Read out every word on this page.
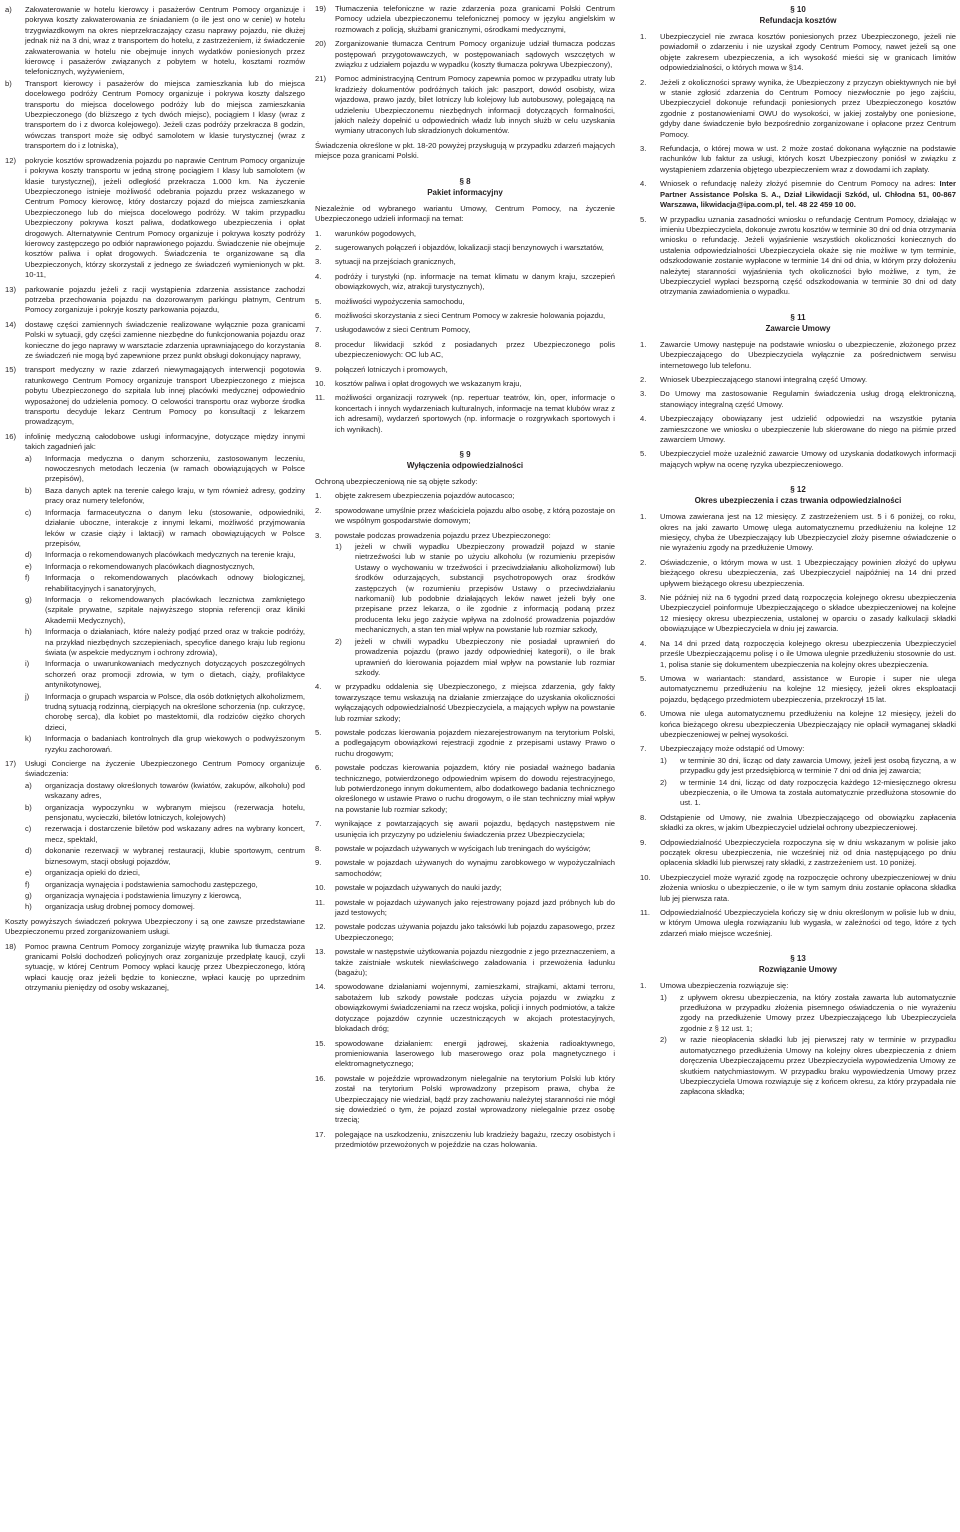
a) Zakwaterowanie w hotelu kierowcy i pasażerów Centrum Pomocy organizuje i pokrywa koszty zakwaterowania ze śniadaniem (o ile jest ono w cenie) w hotelu trzygwiazdkowym na okres nieprzekraczający czasu naprawy pojazdu, nie dłużej jednak niż na 3 dni, wraz z transportem do hotelu, z zastrzeżeniem, iż świadczenie zakwaterowania w hotelu nie obejmuje innych wydatków poniesionych przez kierowcę i pasażerów związanych z pobytem w hotelu, kosztami rozmów telefonicznych, wyżywieniem,
b) Transport kierowcy i pasażerów do miejsca zamieszkania lub do miejsca docelowego podróży Centrum Pomocy organizuje i pokrywa koszty dalszego transportu do miejsca docelowego podróży lub do miejsca zamieszkania Ubezpieczonego (do bliższego z tych dwóch miejsc), pociągiem I klasy (wraz z transportem do i z dworca kolejowego). Jeżeli czas podróży przekracza 8 godzin, wówczas transport może się odbyć samolotem w klasie turystycznej (wraz z transportem do i z lotniska),
12) pokrycie kosztów sprowadzenia pojazdu po naprawie Centrum Pomocy organizuje i pokrywa koszty transportu w jedną stronę pociągiem I klasy lub samolotem (w klasie turystycznej), jeżeli odległość przekracza 1.000 km. Na życzenie Ubezpieczonego istnieje możliwość odebrania pojazdu przez wskazanego w Centrum Pomocy kierowcę, który dostarczy pojazd do miejsca zamieszkania Ubezpieczonego lub do miejsca docelowego podróży. W takim przypadku Ubezpieczony pokrywa koszt paliwa, dodatkowego ubezpieczenia i opłat drogowych. Alternatywnie Centrum Pomocy organizuje i pokrywa koszty podróży kierowcy zastępczego po odbiór naprawionego pojazdu. Świadczenie nie obejmuje kosztów paliwa i opłat drogowych. Świadczenia te organizowane są dla Ubezpieczonych, którzy skorzystali z jednego ze świadczeń wymienionych w pkt. 10-11,
13) parkowanie pojazdu jeżeli z racji wystąpienia zdarzenia assistance zachodzi potrzeba przechowania pojazdu na dozorowanym parkingu płatnym, Centrum Pomocy zorganizuje i pokryje koszty parkowania pojazdu,
14) dostawę części zamiennych świadczenie realizowane wyłącznie poza granicami Polski w sytuacji, gdy części zamienne niezbędne do funkcjonowania pojazdu oraz konieczne do jego naprawy w warsztacie zdarzenia uprawniającego do korzystania ze świadczeń nie mogą być zapewnione przez punkt obsługi dokonujący naprawy,
15) transport medyczny w razie zdarzeń niewymagających interwencji pogotowia ratunkowego Centrum Pomocy organizuje transport Ubezpieczonego z miejsca pobytu Ubezpieczonego do szpitala lub innej placówki medycznej odpowiednio wyposażonej do udzielenia pomocy. O celowości transportu oraz wyborze środka transportu decyduje lekarz Centrum Pomocy po konsultacji z lekarzem prowadzącym,
16) infolinię medyczną całodobowe usługi informacyjne, dotyczące między innymi takich zagadnień jak:
a) Informacja medyczna o danym schorzeniu, zastosowanym leczeniu, nowoczesnych metodach leczenia (w ramach obowiązujących w Polsce przepisów),
b) Baza danych aptek na terenie całego kraju, w tym również adresy, godziny pracy oraz numery telefonów,
c) Informacja farmaceutyczna o danym leku (stosowanie, odpowiedniki, działanie uboczne, interakcje z innymi lekami, możliwość przyjmowania leków w czasie ciąży i laktacji) w ramach obowiązujących w Polsce przepisów,
d) Informacja o rekomendowanych placówkach medycznych na terenie kraju,
e) Informacja o rekomendowanych placówkach diagnostycznych,
f) Informacja o rekomendowanych placówkach odnowy biologicznej, rehabilitacyjnych i sanatoryjnych,
g) Informacja o rekomendowanych placówkach lecznictwa zamkniętego (szpitale prywatne, szpitale najwyższego stopnia referencji oraz kliniki Akademii Medycznych),
h) Informacja o działaniach, które należy podjąć przed oraz w trakcie podróży, na przykład niezbędnych szczepieniach, specyfice danego kraju lub regionu świata (w aspekcie medycznym i ochrony zdrowia),
i) Informacja o uwarunkowaniach medycznych dotyczących poszczególnych schorzeń oraz promocji zdrowia, w tym o dietach, ciąży, profilaktyce antynikotynowej,
j) Informacja o grupach wsparcia w Polsce, dla osób dotkniętych alkoholizmem, trudną sytuacją rodzinną, cierpiących na określone schorzenia (np. cukrzycę, chorobę serca), dla kobiet po mastektomii, dla rodziców ciężko chorych dzieci,
k) Informacja o badaniach kontrolnych dla grup wiekowych o podwyższonym ryzyku zachorowań.
17) Usługi Concierge na życzenie Ubezpieczonego Centrum Pomocy organizuje świadczenia:
a) organizacja dostawy określonych towarów (kwiatów, zakupów, alkoholu) pod wskazany adres,
b) organizacja wypoczynku w wybranym miejscu (rezerwacja hotelu, pensjonatu, wycieczki, biletów lotniczych, kolejowych)
c) rezerwacja i dostarczenie biletów pod wskazany adres na wybrany koncert, mecz, spektakl,
d) dokonanie rezerwacji w wybranej restauracji, klubie sportowym, centrum biznesowym, stacji obsługi pojazdów,
e) organizacja opieki do dzieci,
f) organizacja wynajęcia i podstawienia samochodu zastępczego,
g) organizacja wynajęcia i podstawienia limuzyny z kierowcą,
h) organizacja usług drobnej pomocy domowej.
Koszty powyższych świadczeń pokrywa Ubezpieczony i są one zawsze przedstawiane Ubezpieczonemu przed zorganizowaniem usługi.
18) Pomoc prawna Centrum Pomocy zorganizuje wizytę prawnika lub tłumacza poza granicami Polski dochodzeń policyjnych oraz zorganizuje przedpłatę kaucji, czyli sytuację, w której Centrum Pomocy wpłaci kaucję przez Ubezpieczonego, którą wpłaci kaucję oraz jeżeli będzie to konieczne, wpłaci kaucję po uprzednim otrzymaniu pieniędzy od osoby wskazanej,
19) Tłumaczenia telefoniczne w razie zdarzenia poza granicami Polski Centrum Pomocy udziela ubezpieczonemu telefonicznej pomocy w języku angielskim w rozmowach z policją, służbami granicznymi, ośrodkami medycznymi,
20) Zorganizowanie tłumacza Centrum Pomocy organizuje udział tłumacza podczas postępowań przygotowawczych, w postępowaniach sądowych wszczętych w związku z udziałem pojazdu w wypadku (koszty tłumacza pokrywa Ubezpieczony),
21) Pomoc administracyjną Centrum Pomocy zapewnia pomoc w przypadku utraty lub kradzieży dokumentów podróżnych takich jak: paszport, dowód osobisty, wiza wjazdowa, prawo jazdy, bilet lotniczy lub kolejowy lub autobusowy, polegającą na udzieleniu Ubezpieczonemu niezbędnych informacji dotyczących formalności, jakich należy dopełnić u odpowiednich władz lub innych służb w celu uzyskania wymiany utraconych lub skradzionych dokumentów.
Świadczenia określone w pkt. 18-20 powyżej przysługują w przypadku zdarzeń mających miejsce poza granicami Polski.
§ 8
Pakiet informacyjny
Niezależnie od wybranego wariantu Umowy, Centrum Pomocy, na życzenie Ubezpieczonego udzieli informacji na temat:
1. warunków pogodowych,
2. sugerowanych połączeń i objazdów, lokalizacji stacji benzynowych i warsztatów,
3. sytuacji na przejściach granicznych,
4. podróży i turystyki (np. informacje na temat klimatu w danym kraju, szczepień obowiązkowych, wiz, atrakcji turystycznych),
5. możliwości wypożyczenia samochodu,
6. możliwości skorzystania z sieci Centrum Pomocy w zakresie holowania pojazdu,
7. usługodawców z sieci Centrum Pomocy,
8. procedur likwidacji szkód z posiadanych przez Ubezpieczonego polis ubezpieczeniowych: OC lub AC,
9. połączeń lotniczych i promowych,
10. kosztów paliwa i opłat drogowych we wskazanym kraju,
11. możliwości organizacji rozrywek (np. repertuar teatrów, kin, oper, informacje o koncertach i innych wydarzeniach kulturalnych, informacje na temat klubów wraz z ich adresami), wydarzeń sportowych (np. informacje o rozgrywkach sportowych i ich wynikach).
§ 9
Wyłączenia odpowiedzialności
Ochroną ubezpieczeniową nie są objęte szkody:
1. objęte zakresem ubezpieczenia pojazdów autocasco;
2. spowodowane umyślnie przez właściciela pojazdu albo osobę, z którą pozostaje on we wspólnym gospodarstwie domowym;
3. powstałe podczas prowadzenia pojazdu przez Ubezpieczonego:
1) jeżeli w chwili wypadku Ubezpieczony prowadził pojazd w stanie nietrzeźwości lub w stanie po użyciu alkoholu (w rozumieniu przepisów Ustawy o wychowaniu w trzeźwości i przeciwdziałaniu alkoholizmowi) lub środków odurzających, substancji psychotropowych oraz środków zastępczych (w rozumieniu przepisów Ustawy o przeciwdziałaniu narkomanii) lub podobnie działających leków nawet jeżeli były one przepisane przez lekarza, o ile zgodnie z informacją podaną przez producenta leku jego zażycie wpływa na zdolność prowadzenia pojazdów mechanicznych, a stan ten miał wpływ na powstanie lub rozmiar szkody,
2) jeżeli w chwili wypadku Ubezpieczony nie posiadał uprawnień do prowadzenia pojazdu (prawo jazdy odpowiedniej kategorii), o ile brak uprawnień do kierowania pojazdem miał wpływ na powstanie lub rozmiar szkody.
4. w przypadku oddalenia się Ubezpieczonego, z miejsca zdarzenia, gdy fakty towarzyszące temu wskazują na działanie zmierzające do uzyskania okoliczności wyłączających odpowiedzialność Ubezpieczyciela, a mających wpływ na powstanie lub rozmiar szkody;
5. powstałe podczas kierowania pojazdem niezarejestrowanym na terytorium Polski, a podlegającym obowiązkowi rejestracji zgodnie z przepisami ustawy Prawo o ruchu drogowym;
6. powstałe podczas kierowania pojazdem, który nie posiadał ważnego badania technicznego, potwierdzonego odpowiednim wpisem do dowodu rejestracyjnego, lub potwierdzonego innym dokumentem, albo dodatkowego badania technicznego określonego w ustawie Prawo o ruchu drogowym, o ile stan techniczny miał wpływ na powstanie lub rozmiar szkody;
7. wynikające z powtarzających się awarii pojazdu, będących następstwem nie usunięcia ich przyczyny po udzieleniu świadczenia przez Ubezpieczyciela;
8. powstałe w pojazdach używanych w wyścigach lub treningach do wyścigów;
9. powstałe w pojazdach używanych do wynajmu zarobkowego w wypożyczalniach samochodów;
10. powstałe w pojazdach używanych do nauki jazdy;
11. powstałe w pojazdach używanych jako rejestrowany pojazd jazd próbnych lub do jazd testowych;
12. powstałe podczas używania pojazdu jako taksówki lub pojazdu zapasowego, przez Ubezpieczonego;
13. powstałe w następstwie użytkowania pojazdu niezgodnie z jego przeznaczeniem, a także zaistniałe wskutek niewłaściwego załadowania i przewożenia ładunku (bagażu);
14. spowodowane działaniami wojennymi, zamieszkami, strajkami, aktami terroru, sabotażem lub szkody powstałe podczas użycia pojazdu w związku z obowiązkowymi świadczeniami na rzecz wojska, policji i innych podmiotów, a także dotyczące pojazdów czynnie uczestniczących w akcjach protestacyjnych, blokadach dróg;
15. spowodowane działaniem: energii jądrowej, skażenia radioaktywnego, promieniowania laserowego lub maserowego oraz pola magnetycznego i elektromagnetycznego;
16. powstałe w pojeździe wprowadzonym nielegalnie na terytorium Polski lub który został na terytorium Polski wprowadzony przepisom prawa, chyba że Ubezpieczający nie wiedział, bądź przy zachowaniu należytej staranności nie mógł się dowiedzieć o tym, że pojazd został wprowadzony nielegalnie przez osobę trzecią;
17. polegające na uszkodzeniu, zniszczeniu lub kradzieży bagażu, rzeczy osobistych i przedmiotów przewożonych w pojeździe na czas holowania.
§ 10
Refundacja kosztów
1. Ubezpieczyciel nie zwraca kosztów poniesionych przez Ubezpieczonego, jeżeli nie powiadomił o zdarzeniu i nie uzyskał zgody Centrum Pomocy, nawet jeżeli są one objęte zakresem ubezpieczenia, a ich wysokość mieści się w granicach limitów odpowiedzialności, o których mowa w §14.
2. Jeżeli z okoliczności sprawy wynika, że Ubezpieczony z przyczyn obiektywnych nie był w stanie zgłosić zdarzenia do Centrum Pomocy niezwłocznie po jego zajściu, Ubezpieczyciel dokonuje refundacji poniesionych przez Ubezpieczonego kosztów zgodnie z postanowieniami OWU do wysokości, w jakiej zostałyby one poniesione, gdyby dane świadczenie było bezpośrednio zorganizowane i opłacone przez Centrum Pomocy.
3. Refundacja, o której mowa w ust. 2 może zostać dokonana wyłącznie na podstawie rachunków lub faktur za usługi, których koszt Ubezpieczony poniósł w związku z wystąpieniem zdarzenia objętego ubezpieczeniem wraz z dowodami ich zapłaty.
4. Wniosek o refundację należy złożyć pisemnie do Centrum Pomocy na adres: Inter Partner Assistance Polska S. A., Dział Likwidacji Szkód, ul. Chłodna 51, 00-867 Warszawa, likwidacja@ipa.com.pl, tel. 48 22 459 10 00.
5. W przypadku uznania zasadności wniosku o refundację Centrum Pomocy, działając w imieniu Ubezpieczyciela, dokonuje zwrotu kosztów w terminie 30 dni od dnia otrzymania wniosku o refundację. Jeżeli wyjaśnienie wszystkich okoliczności koniecznych do ustalenia odpowiedzialności Ubezpieczyciela okaże się nie możliwe w tym terminie, odszkodowanie zostanie wypłacone w terminie 14 dni od dnia, w którym przy dołożeniu należytej staranności wyjaśnienia tych okoliczności było możliwe, z tym, że Ubezpieczyciel wypłaci bezsporną część odszkodowania w terminie 30 dni od daty otrzymania zawiadomienia o wypadku.
§ 11
Zawarcie Umowy
1. Zawarcie Umowy następuje na podstawie wniosku o ubezpieczenie, złożonego przez Ubezpieczającego do Ubezpieczyciela wyłącznie za pośrednictwem serwisu internetowego lub telefonu.
2. Wniosek Ubezpieczającego stanowi integralną część Umowy.
3. Do Umowy ma zastosowanie Regulamin świadczenia usług drogą elektroniczną, stanowiący integralną część Umowy.
4. Ubezpieczający obowiązany jest udzielić odpowiedzi na wszystkie pytania zamieszczone we wniosku o ubezpieczenie lub skierowane do niego na piśmie przed zawarciem Umowy.
5. Ubezpieczyciel może uzależnić zawarcie Umowy od uzyskania dodatkowych informacji mających wpływ na ocenę ryzyka ubezpieczeniowego.
§ 12
Okres ubezpieczenia i czas trwania odpowiedzialności
1. Umowa zawierana jest na 12 miesięcy. Z zastrzeżeniem ust. 5 i 6 poniżej, co roku, okres na jaki zawarto Umowę ulega automatycznemu przedłużeniu na kolejne 12 miesięcy, chyba że Ubezpieczający lub Ubezpieczyciel złoży pisemne oświadczenie o nie wyrażeniu zgody na przedłużenie Umowy.
2. Oświadczenie, o którym mowa w ust. 1 Ubezpieczający powinien złożyć do upływu bieżącego okresu ubezpieczenia, zaś Ubezpieczyciel najpóźniej na 14 dni przed upływem bieżącego okresu ubezpieczenia.
3. Nie później niż na 6 tygodni przed datą rozpoczęcia kolejnego okresu ubezpieczenia Ubezpieczyciel poinformuje Ubezpieczającego o składce ubezpieczeniowej na kolejne 12 miesięcy okresu ubezpieczenia, ustalonej w oparciu o zasady kalkulacji składki obowiązujące w Ubezpieczyciela w dniu jej zawarcia.
4. Na 14 dni przed datą rozpoczęcia kolejnego okresu ubezpieczenia Ubezpieczyciel prześle Ubezpieczającemu polisę i o ile Umowa ulegnie przedłużeniu stosownie do ust. 1, polisa stanie się dokumentem ubezpieczenia na kolejny okres ubezpieczenia.
5. Umowa w wariantach: standard, assistance w Europie i super nie ulega automatycznemu przedłużeniu na kolejne 12 miesięcy, jeżeli okres eksploatacji pojazdu, będącego przedmiotem ubezpieczenia, przekroczył 15 lat.
6. Umowa nie ulega automatycznemu przedłużeniu na kolejne 12 miesięcy, jeżeli do końca bieżącego okresu ubezpieczenia Ubezpieczający nie opłacił wymaganej składki ubezpieczeniowej w pełnej wysokości.
7. Ubezpieczający może odstąpić od Umowy:
1) w terminie 30 dni, licząc od daty zawarcia Umowy, jeżeli jest osobą fizyczną, a w przypadku gdy jest przedsiębiorcą w terminie 7 dni od dnia jej zawarcia;
2) w terminie 14 dni, licząc od daty rozpoczęcia każdego 12-miesięcznego okresu ubezpieczenia, o ile Umowa ta została automatycznie przedłużona stosownie do ust. 1.
8. Odstąpienie od Umowy, nie zwalnia Ubezpieczającego od obowiązku zapłacenia składki za okres, w jakim Ubezpieczyciel udzielał ochrony ubezpieczeniowej.
9. Odpowiedzialność Ubezpieczyciela rozpoczyna się w dniu wskazanym w polisie jako początek okresu ubezpieczenia, nie wcześniej niż od dnia następującego po dniu opłacenia składki lub pierwszej raty składki, z zastrzeżeniem ust. 10 poniżej.
10. Ubezpieczyciel może wyrazić zgodę na rozpoczęcie ochrony ubezpieczeniowej w dniu złożenia wniosku o ubezpieczenie, o ile w tym samym dniu zostanie opłacona składka lub jej pierwsza rata.
11. Odpowiedzialność Ubezpieczyciela kończy się w dniu określonym w polisie lub w dniu, w którym Umowa uległa rozwiązaniu lub wygasła, w zależności od tego, które z tych zdarzeń miało miejsce wcześniej.
§ 13
Rozwiązanie Umowy
1. Umowa ubezpieczenia rozwiązuje się:
1) z upływem okresu ubezpieczenia, na który została zawarta lub automatycznie przedłużona w przypadku złożenia pisemnego oświadczenia o nie wyrażeniu zgody na przedłużenie Umowy przez Ubezpieczającego lub Ubezpieczyciela zgodnie z § 12 ust. 1;
2) w razie nieopłacenia składki lub jej pierwszej raty w terminie w przypadku automatycznego przedłużenia Umowy na kolejny okres ubezpieczenia z dniem doręczenia Ubezpieczającemu przez Ubezpieczyciela wypowiedzenia Umowy ze skutkiem natychmiastowym. W przypadku braku wypowiedzenia Umowy przez Ubezpieczyciela Umowa rozwiązuje się z końcem okresu, za który przypadała nie zapłacona składka;
